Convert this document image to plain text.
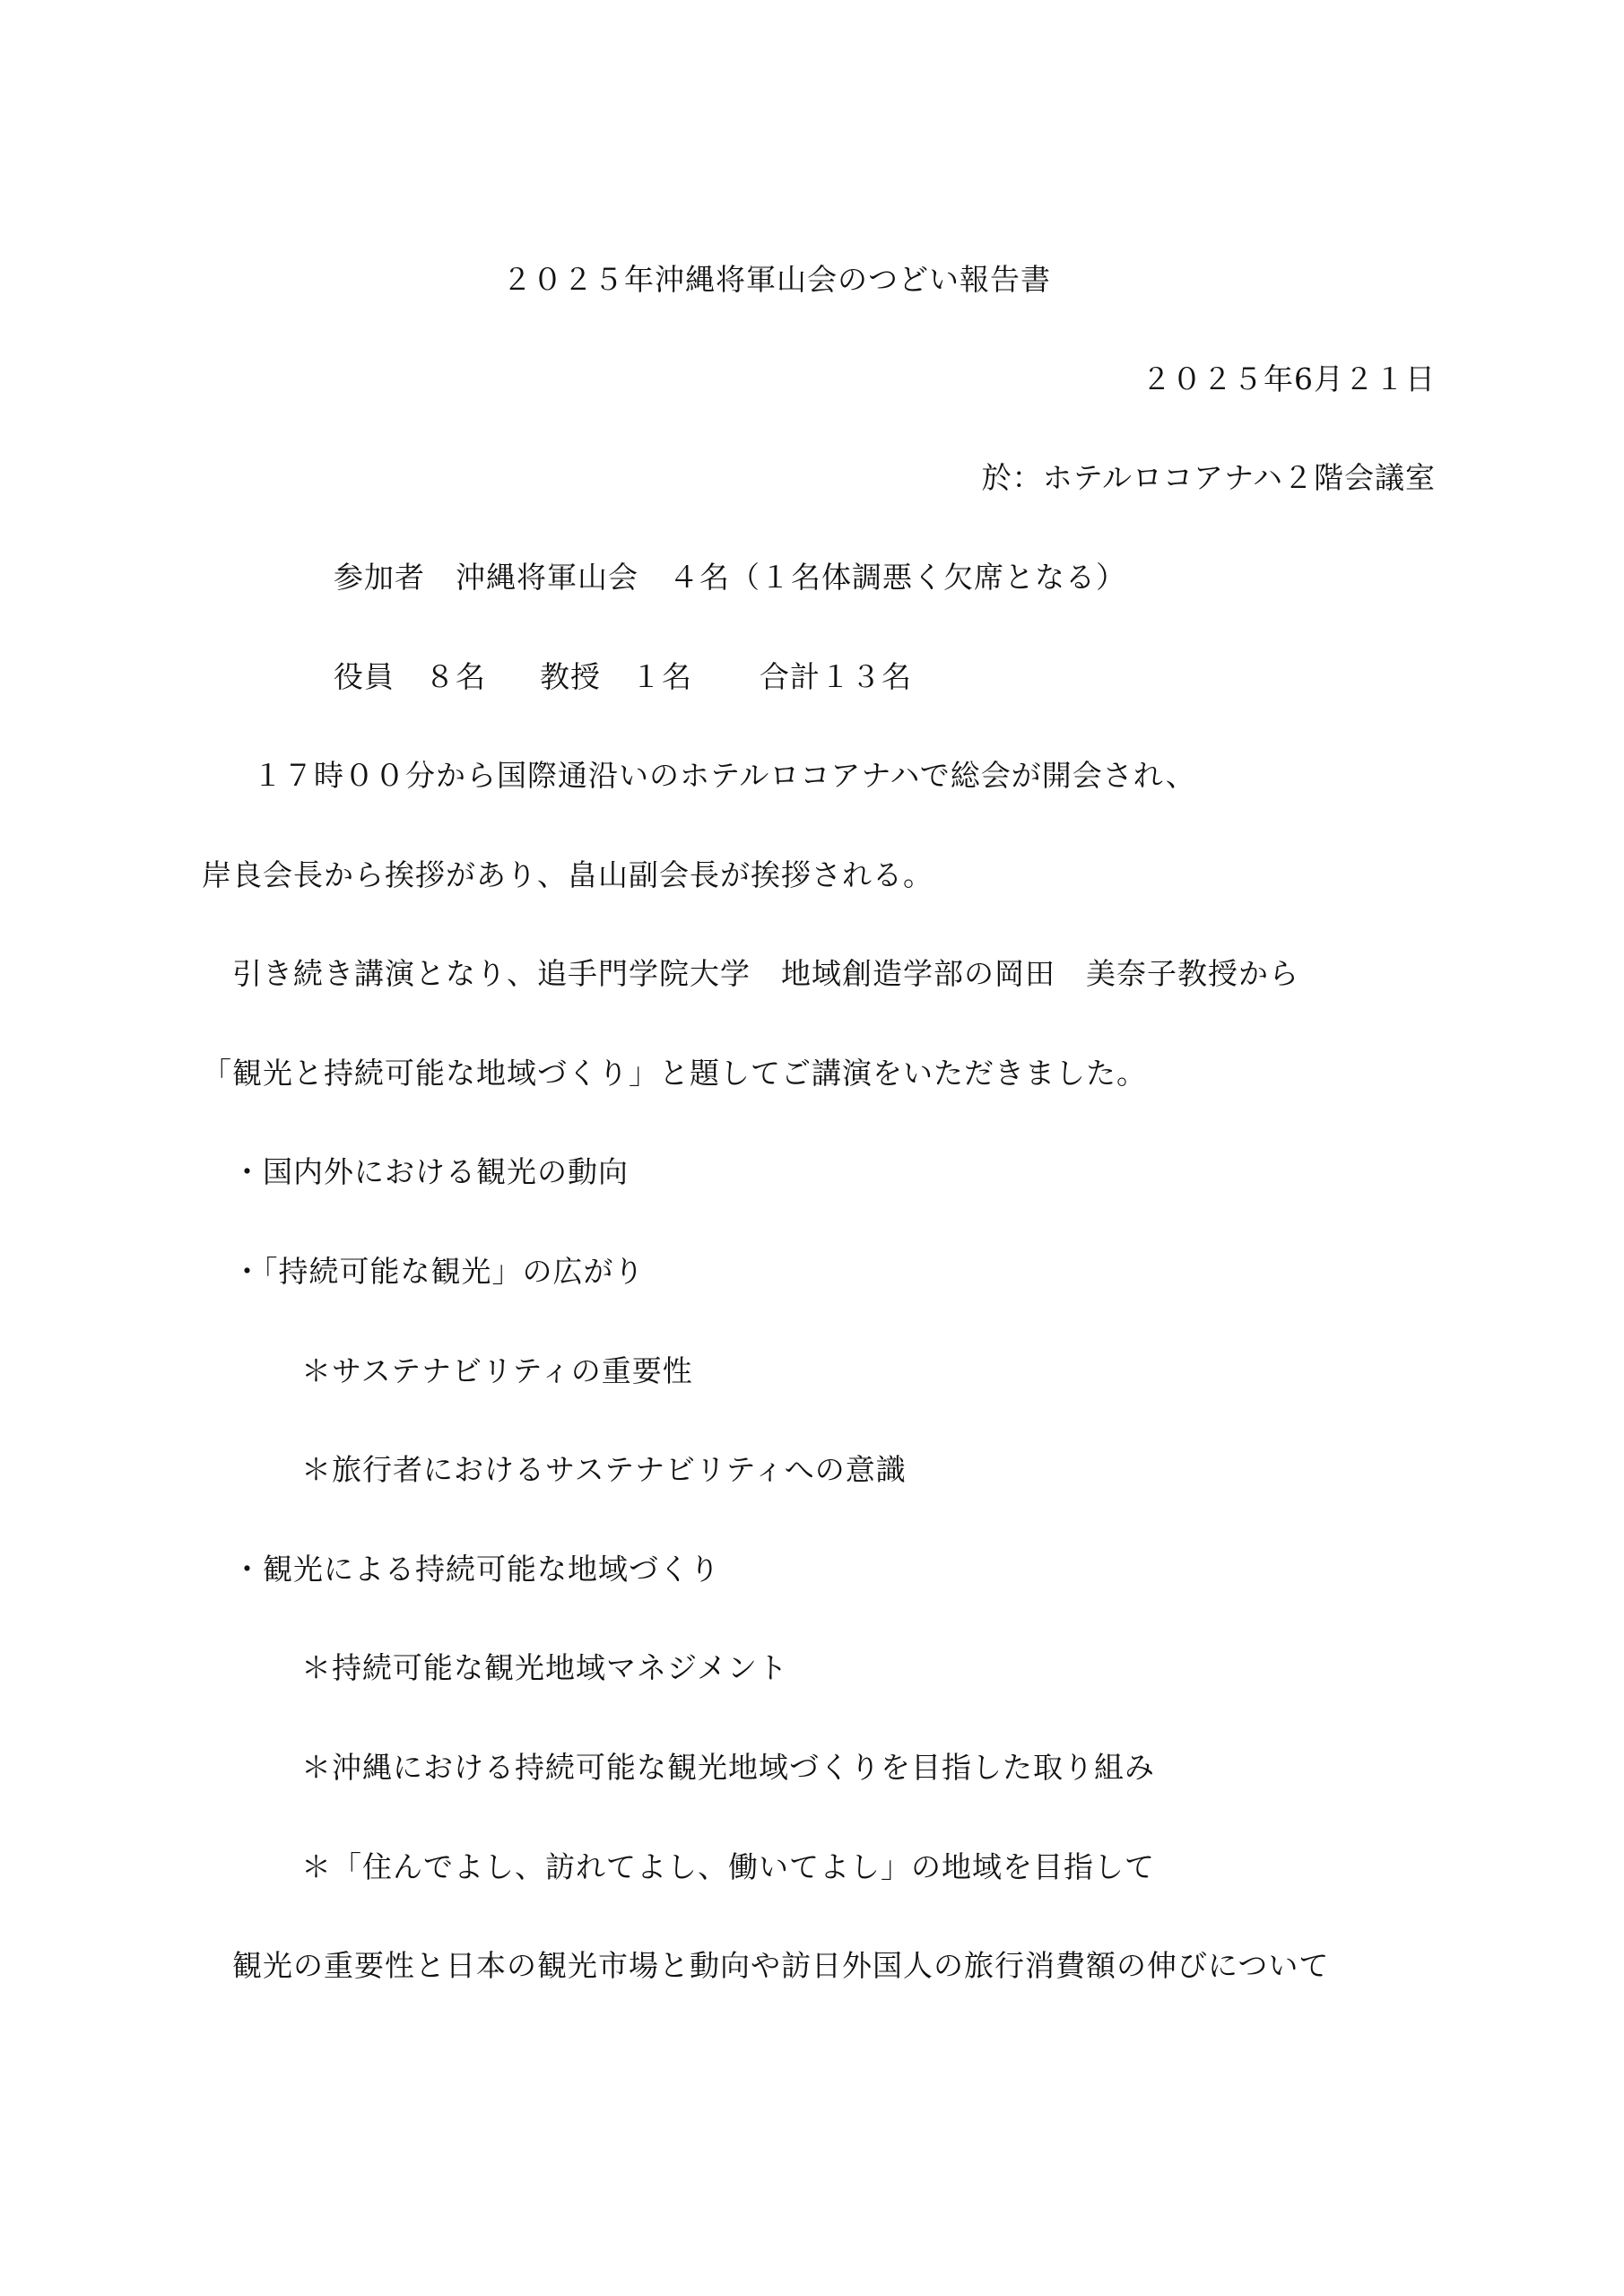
２０２５年沖縄将軍山会のつどい報告書
２０２５年6月２１日
於：ホテルロコアナハ２階会議室
参加者　沖縄将軍山会　４名（１名体調悪く欠席となる）
役員　８名 教授　１名 合計１３名
１７時００分から国際通沿いのホテルロコアナハで総会が開会され、
岸良会長から挨拶があり、畠山副会長が挨拶される。
引き続き講演となり、追手門学院大学　地域創造学部の岡田　美奈子教授から
「観光と持続可能な地域づくり」と題してご講演をいただきました。
・国内外における観光の動向
・「持続可能な観光」の広がり
＊サステナビリティの重要性
＊旅行者におけるサステナビリティへの意識
・観光による持続可能な地域づくり
＊持続可能な観光地域マネジメント
＊沖縄における持続可能な観光地域づくりを目指した取り組み
＊「住んでよし、訪れてよし、働いてよし」の地域を目指して
観光の重要性と日本の観光市場と動向や訪日外国人の旅行消費額の伸びについて
